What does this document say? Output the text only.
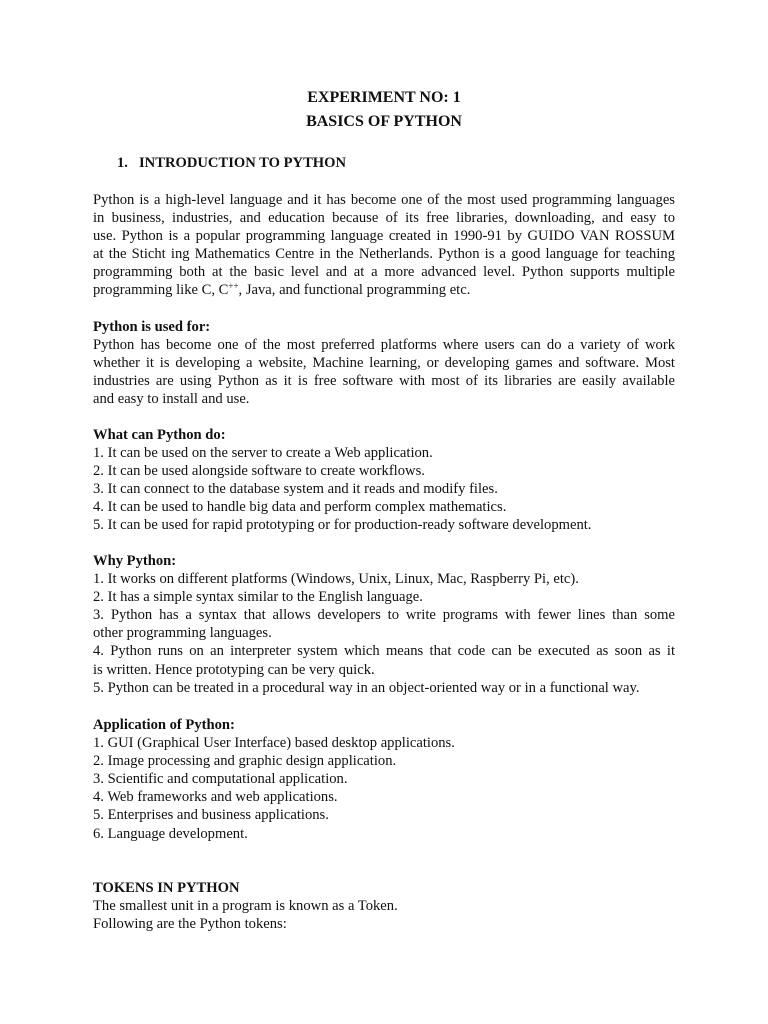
EXPERIMENT NO: 1
BASICS OF PYTHON
1. INTRODUCTION TO PYTHON
Python is a high-level language and it has become one of the most used programming languages
in business, industries, and education because of its free libraries, downloading, and easy to
use. Python is a popular programming language created in 1990-91 by GUIDO VAN ROSSUM
at the Sticht ing Mathematics Centre in the Netherlands. Python is a good language for teaching
programming both at the basic level and at a more advanced level. Python supports multiple
programming like C, C++, Java, and functional programming etc.
Python is used for:
Python has become one of the most preferred platforms where users can do a variety of work
whether it is developing a website, Machine learning, or developing games and software. Most
industries are using Python as it is free software with most of its libraries are easily available
and easy to install and use.
What can Python do:
1. It can be used on the server to create a Web application.
2. It can be used alongside software to create workflows.
3. It can connect to the database system and it reads and modify files.
4. It can be used to handle big data and perform complex mathematics.
5. It can be used for rapid prototyping or for production-ready software development.
Why Python:
1. It works on different platforms (Windows, Unix, Linux, Mac, Raspberry Pi, etc).
2. It has a simple syntax similar to the English language.
3. Python has a syntax that allows developers to write programs with fewer lines than some
other programming languages.
4. Python runs on an interpreter system which means that code can be executed as soon as it
is written. Hence prototyping can be very quick.
5. Python can be treated in a procedural way in an object-oriented way or in a functional way.
Application of Python:
1. GUI (Graphical User Interface) based desktop applications.
2. Image processing and graphic design application.
3. Scientific and computational application.
4. Web frameworks and web applications.
5. Enterprises and business applications.
6. Language development.
TOKENS IN PYTHON
The smallest unit in a program is known as a Token.
Following are the Python tokens:
